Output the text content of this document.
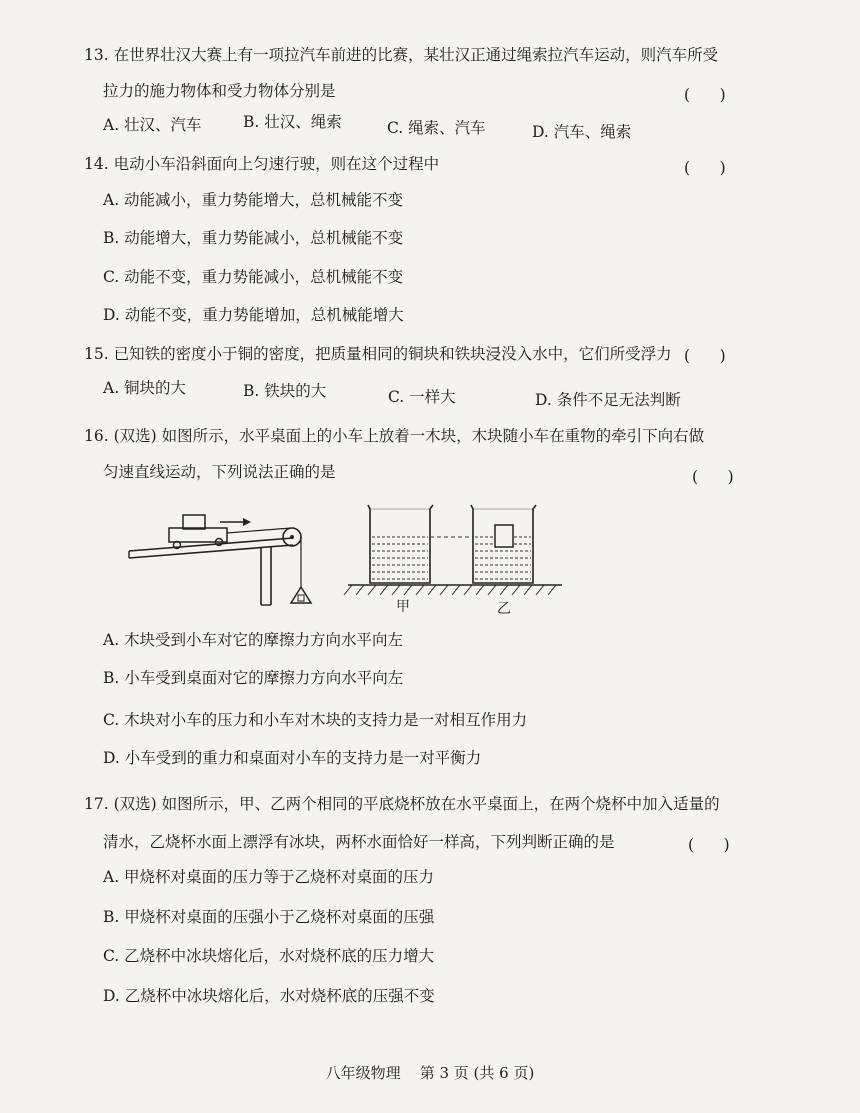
13. 在世界壮汉大赛上有一项拉汽车前进的比赛，某壮汉正通过绳索拉汽车运动，则汽车所受
拉力的施力物体和受力物体分别是	(      )
A. 壮汉、汽车	B. 壮汉、绳索	C. 绳索、汽车	D. 汽车、绳索
14. 电动小车沿斜面向上匀速行驶，则在这个过程中	(      )
A. 动能减小，重力势能增大，总机械能不变
B. 动能增大，重力势能减小，总机械能不变
C. 动能不变，重力势能减小，总机械能不变
D. 动能不变，重力势能增加，总机械能增大
15. 已知铁的密度小于铜的密度，把质量相同的铜块和铁块浸没入水中，它们所受浮力 (      )
A. 铜块的大	B. 铁块的大	C. 一样大	D. 条件不足无法判断
16. (双选) 如图所示，水平桌面上的小车上放着一木块，木块随小车在重物的牵引下向右做
匀速直线运动，下列说法正确的是	(      )
甲	乙
A. 木块受到小车对它的摩擦力方向水平向左
B. 小车受到桌面对它的摩擦力方向水平向左
C. 木块对小车的压力和小车对木块的支持力是一对相互作用力
D. 小车受到的重力和桌面对小车的支持力是一对平衡力
17. (双选) 如图所示，甲、乙两个相同的平底烧杯放在水平桌面上，在两个烧杯中加入适量的
清水，乙烧杯水面上漂浮有冰块，两杯水面恰好一样高，下列判断正确的是	(      )
A. 甲烧杯对桌面的压力等于乙烧杯对桌面的压力
B. 甲烧杯对桌面的压强小于乙烧杯对桌面的压强
C. 乙烧杯中冰块熔化后，水对烧杯底的压力增大
D. 乙烧杯中冰块熔化后，水对烧杯底的压强不变
八年级物理    第 3 页 (共 6 页)
